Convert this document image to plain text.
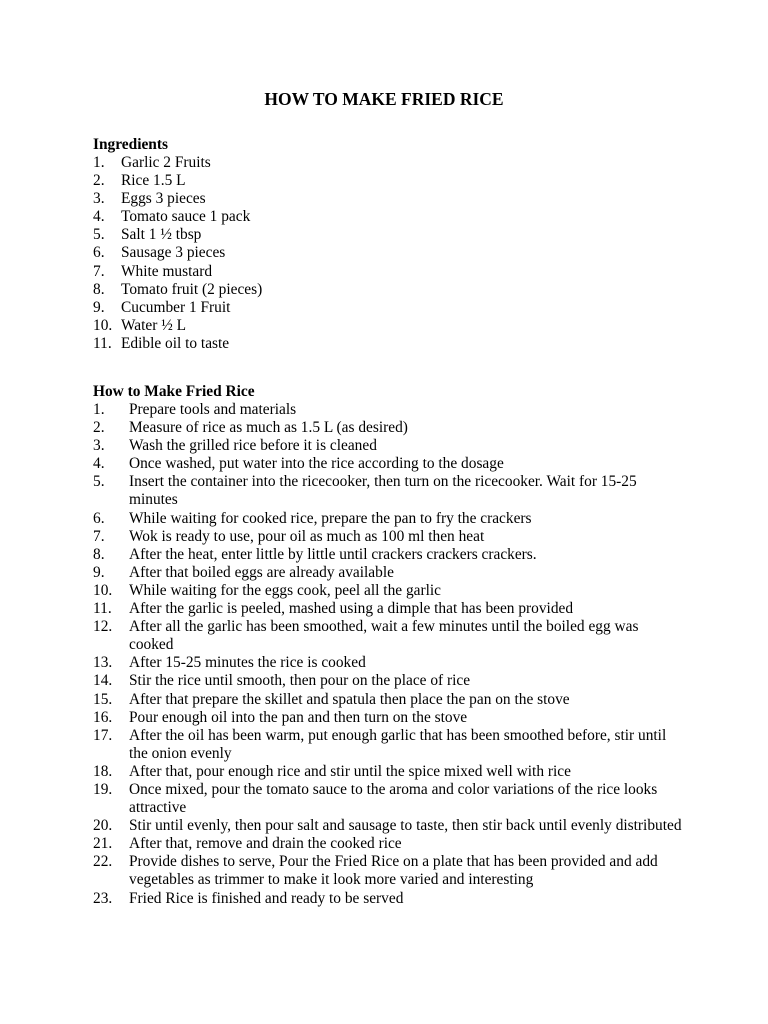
HOW TO MAKE FRIED RICE
Ingredients
1. Garlic 2 Fruits
2. Rice 1.5 L
3. Eggs 3 pieces
4. Tomato sauce 1 pack
5. Salt 1 ½ tbsp
6. Sausage 3 pieces
7. White mustard
8. Tomato fruit (2 pieces)
9. Cucumber 1 Fruit
10. Water ½ L
11. Edible oil to taste
How to Make Fried Rice
1. Prepare tools and materials
2. Measure of rice as much as 1.5 L (as desired)
3. Wash the grilled rice before it is cleaned
4. Once washed, put water into the rice according to the dosage
5. Insert the container into the ricecooker, then turn on the ricecooker. Wait for 15-25 minutes
6. While waiting for cooked rice, prepare the pan to fry the crackers
7. Wok is ready to use, pour oil as much as 100 ml then heat
8. After the heat, enter little by little until crackers crackers crackers.
9. After that boiled eggs are already available
10. While waiting for the eggs cook, peel all the garlic
11. After the garlic is peeled, mashed using a dimple that has been provided
12. After all the garlic has been smoothed, wait a few minutes until the boiled egg was cooked
13. After 15-25 minutes the rice is cooked
14. Stir the rice until smooth, then pour on the place of rice
15. After that prepare the skillet and spatula then place the pan on the stove
16. Pour enough oil into the pan and then turn on the stove
17. After the oil has been warm, put enough garlic that has been smoothed before, stir until the onion evenly
18. After that, pour enough rice and stir until the spice mixed well with rice
19. Once mixed, pour the tomato sauce to the aroma and color variations of the rice looks attractive
20. Stir until evenly, then pour salt and sausage to taste, then stir back until evenly distributed
21. After that, remove and drain the cooked rice
22. Provide dishes to serve, Pour the Fried Rice on a plate that has been provided and add vegetables as trimmer to make it look more varied and interesting
23. Fried Rice is finished and ready to be served
